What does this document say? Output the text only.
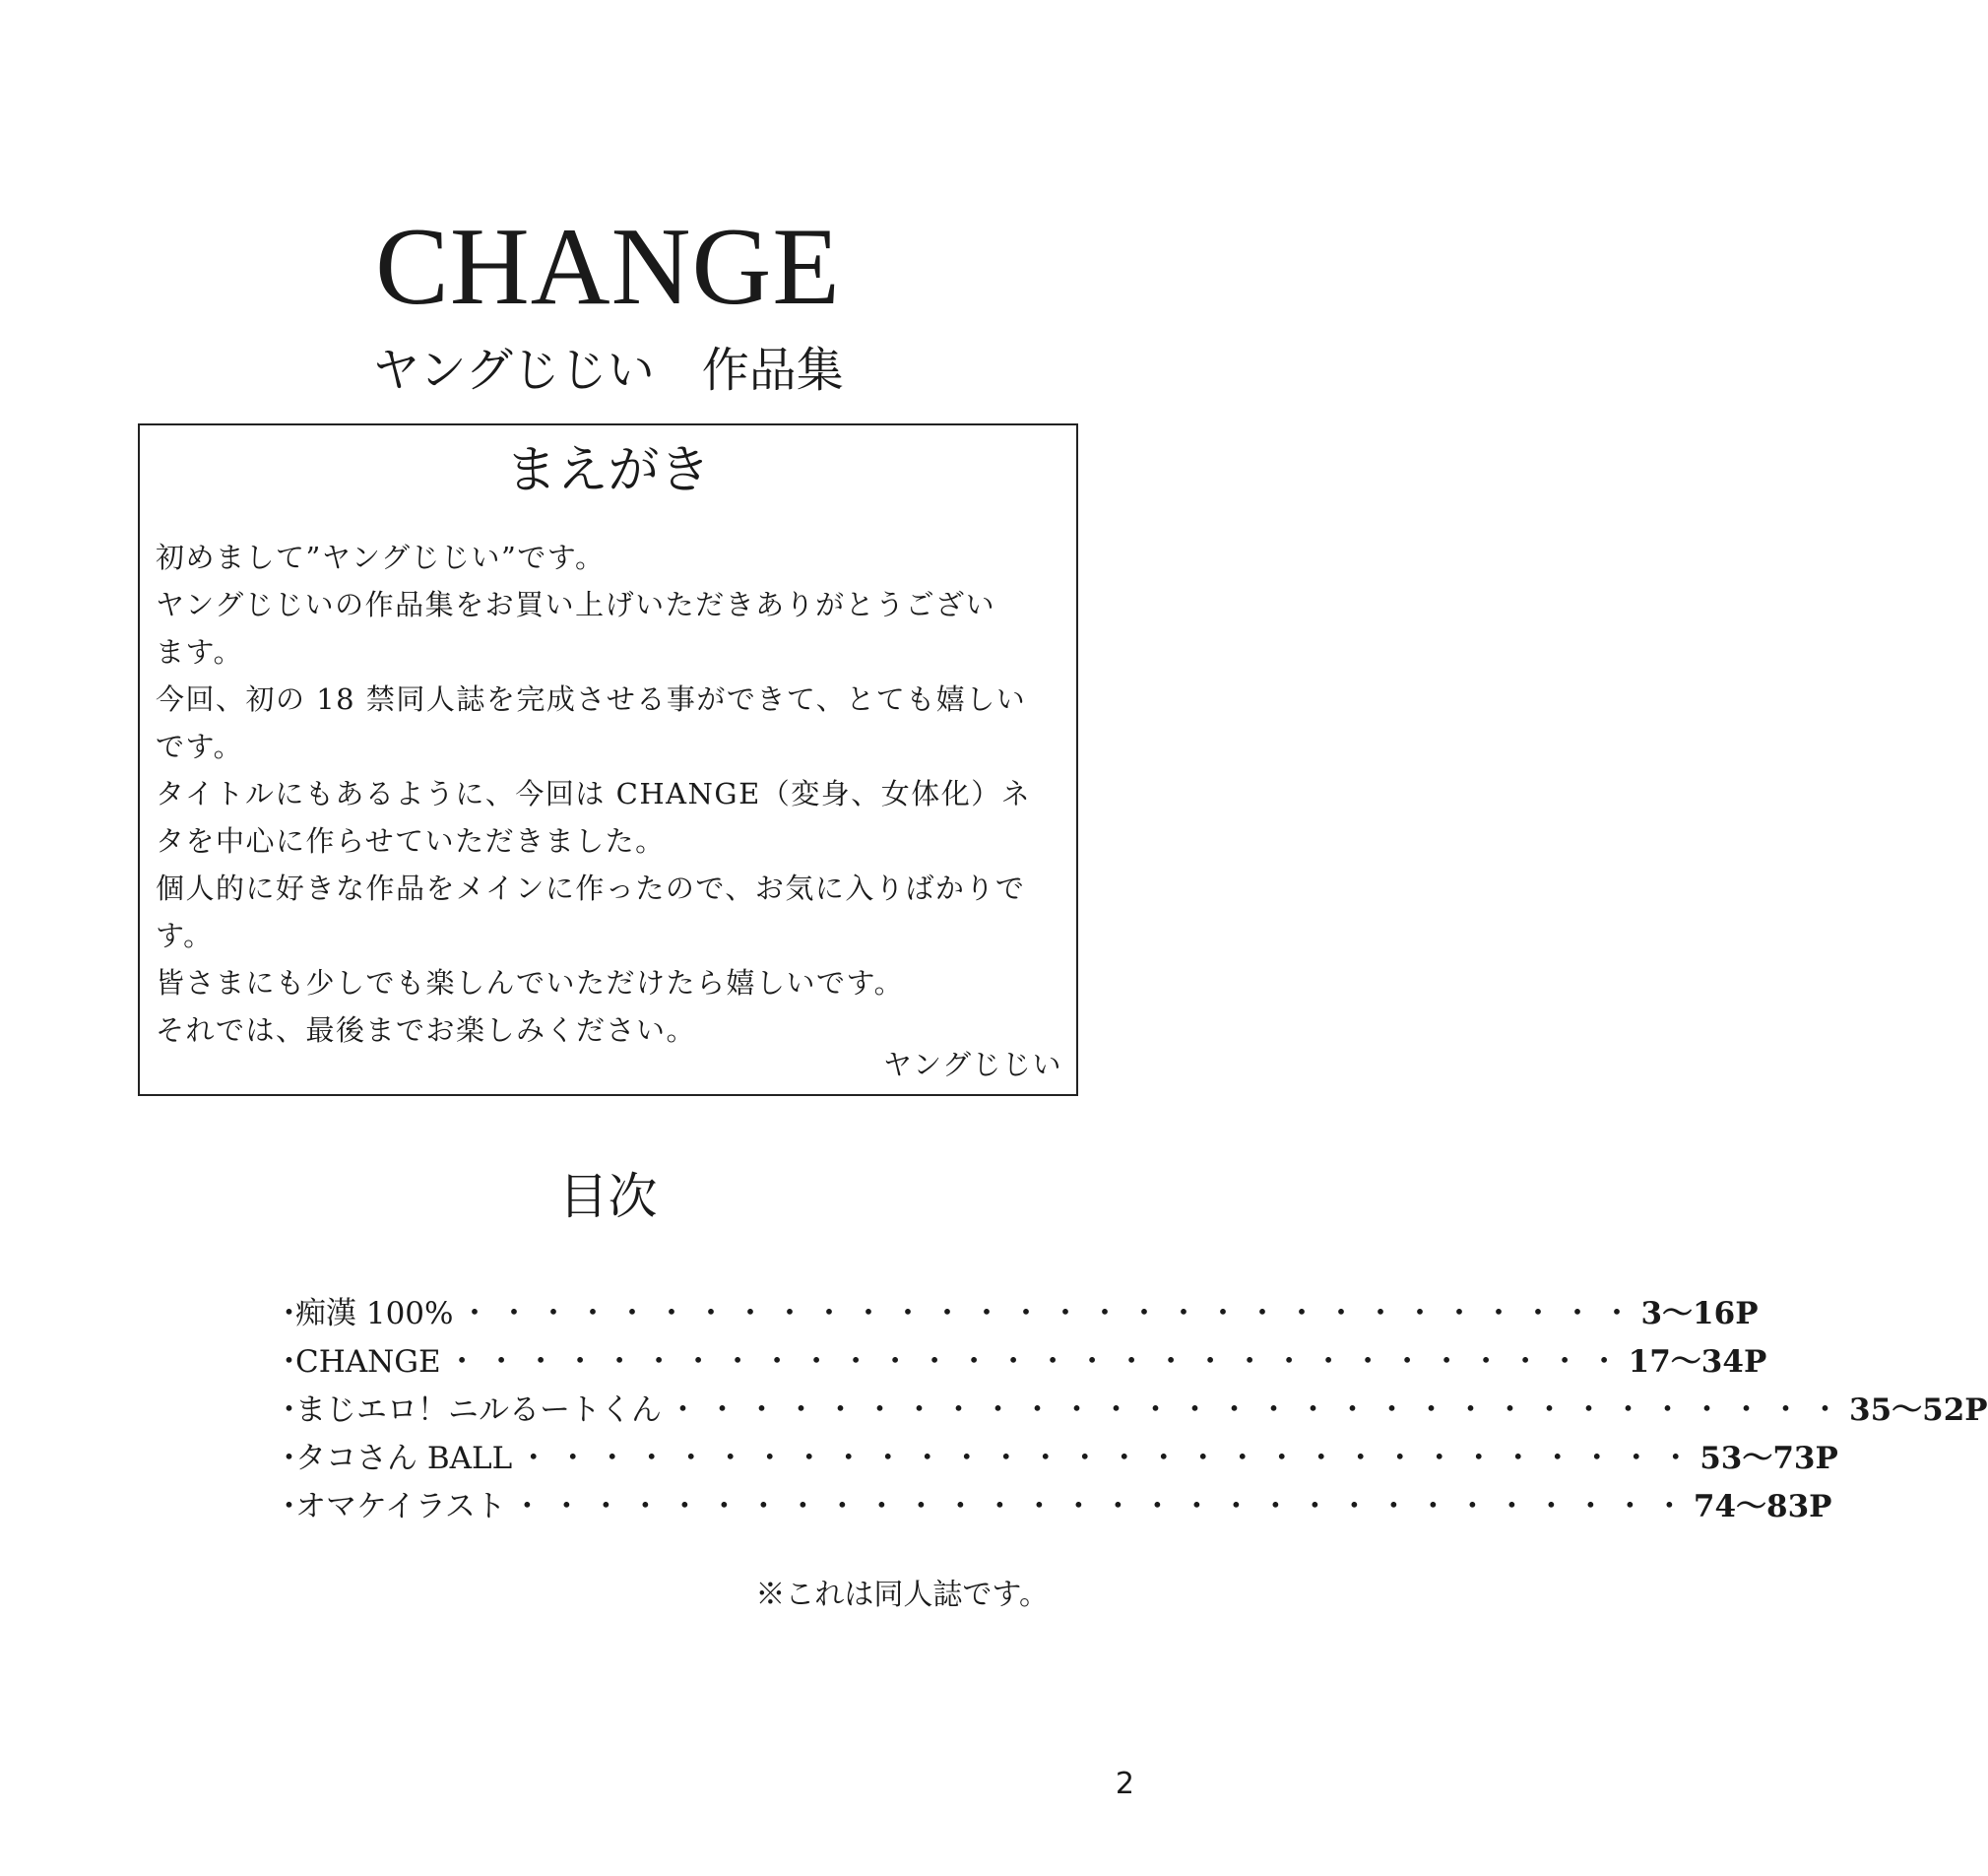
CHANGE
ヤングじじい　作品集
まえがき
初めまして”ヤングじじい”です。
ヤングじじいの作品集をお買い上げいただきありがとうござい
ます。
今回、初の 18 禁同人誌を完成させる事ができて、とても嬉しい
です。
タイトルにもあるように、今回は CHANGE（変身、女体化）ネ
タを中心に作らせていただきました。
個人的に好きな作品をメインに作ったので、お気に入りばかりで
す。
皆さまにも少しでも楽しんでいただけたら嬉しいです。
それでは、最後までお楽しみください。
ヤングじじい
目次
・
痴漢 100% ・・・・・・・・・・・・・・・・・・・・・・・・・・・・・・ 3～16P
・
CHANGE ・・・・・・・・・・・・・・・・・・・・・・・・・・・・・・ 17～34P
・
まじエロ！ニルるートくん ・・・・・・・・・・・・・・・・・・・・・・・・・・・・・・ 35～52P
・
タコさん BALL ・・・・・・・・・・・・・・・・・・・・・・・・・・・・・・ 53～73P
・
オマケイラスト ・・・・・・・・・・・・・・・・・・・・・・・・・・・・・・ 74～83P
※これは同人誌です。
2
